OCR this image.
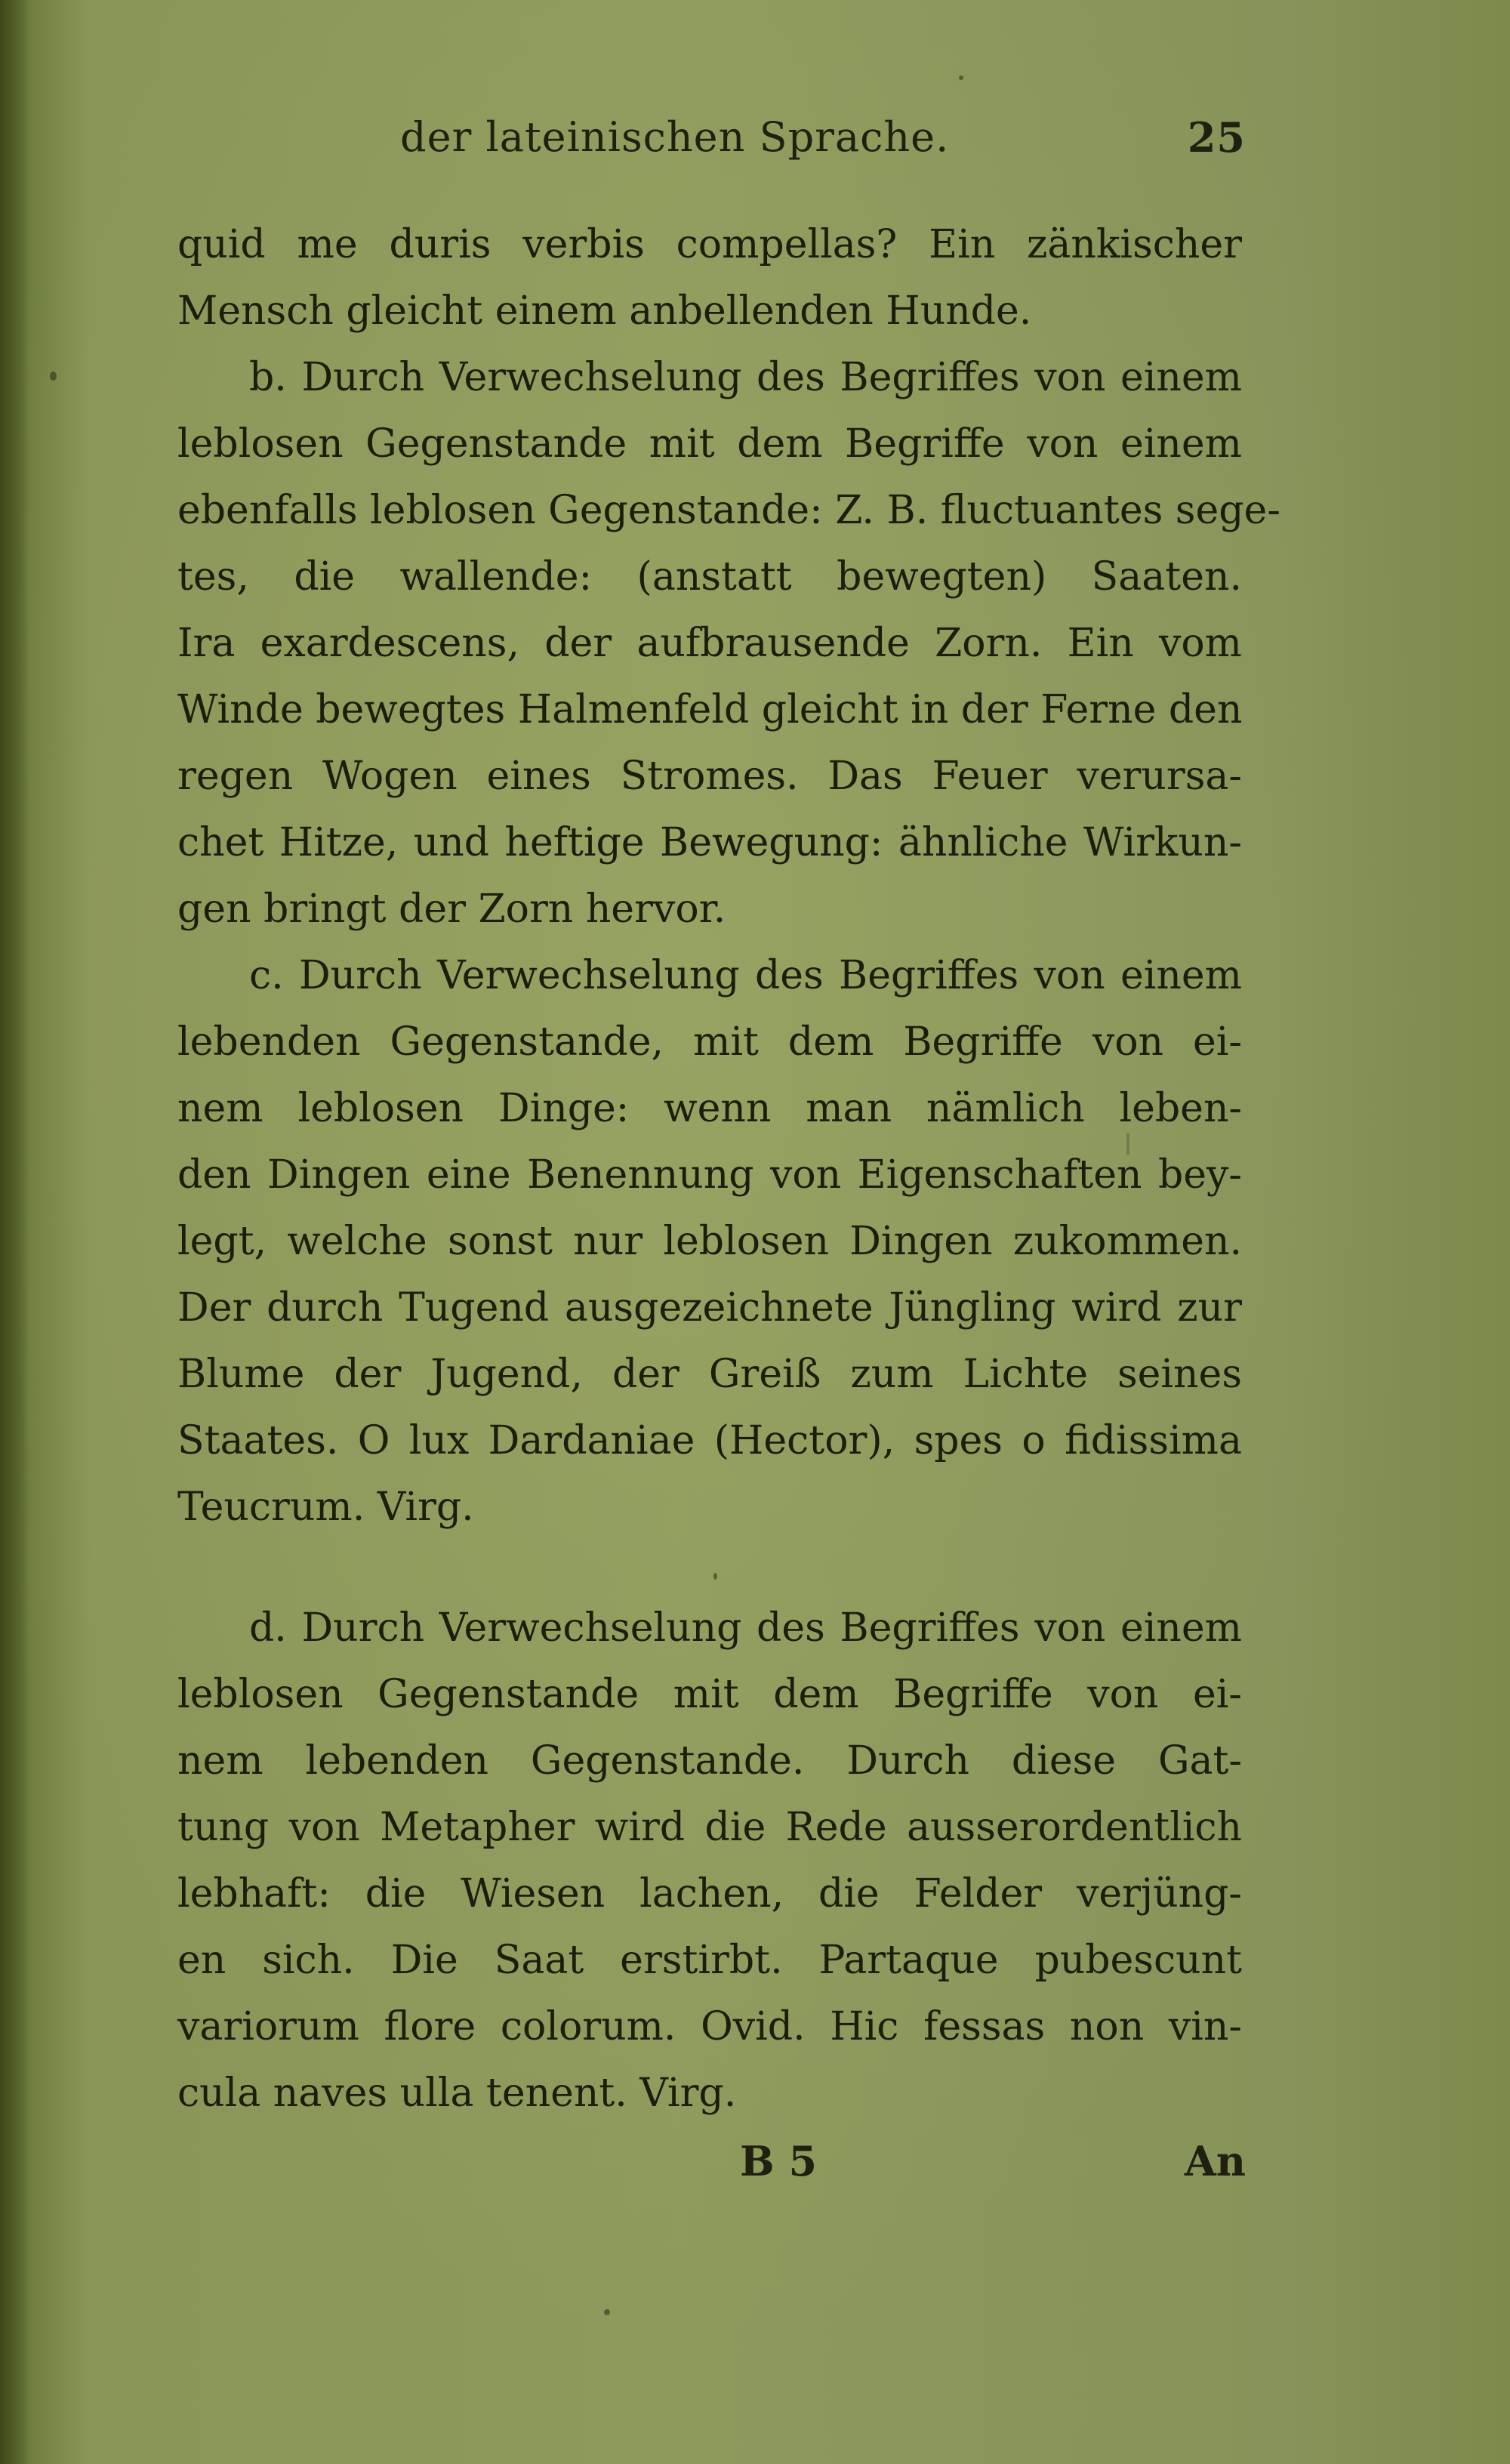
der lateinischen Sprache.	25
quid me duris verbis compellas? Ein zänkischer
Mensch gleicht einem anbellenden Hunde.
b. Durch Verwechselung des Begriffes von einem
leblosen Gegenstande mit dem Begriffe von einem
ebenfalls leblosen Gegenstande: Z. B. fluctuantes sege-
tes, die wallende: (anstatt bewegten) Saaten.
Ira exardescens, der aufbrausende Zorn. Ein vom
Winde bewegtes Halmenfeld gleicht in der Ferne den
regen Wogen eines Stromes. Das Feuer verursa-
chet Hitze, und heftige Bewegung: ähnliche Wirkun-
gen bringt der Zorn hervor.
c. Durch Verwechselung des Begriffes von einem
lebenden Gegenstande, mit dem Begriffe von ei-
nem leblosen Dinge: wenn man nämlich leben-
den Dingen eine Benennung von Eigenschaften bey-
legt, welche sonst nur leblosen Dingen zukommen.
Der durch Tugend ausgezeichnete Jüngling wird zur
Blume der Jugend, der Greiß zum Lichte seines
Staates. O lux Dardaniae (Hector), spes o fidissima
Teucrum. Virg.
d. Durch Verwechselung des Begriffes von einem
leblosen Gegenstande mit dem Begriffe von ei-
nem lebenden Gegenstande. Durch diese Gat-
tung von Metapher wird die Rede ausserordentlich
lebhaft: die Wiesen lachen, die Felder verjüng-
en sich. Die Saat erstirbt. Partaque pubescunt
variorum flore colorum. Ovid. Hic fessas non vin-
cula naves ulla tenent. Virg.
B 5	An
